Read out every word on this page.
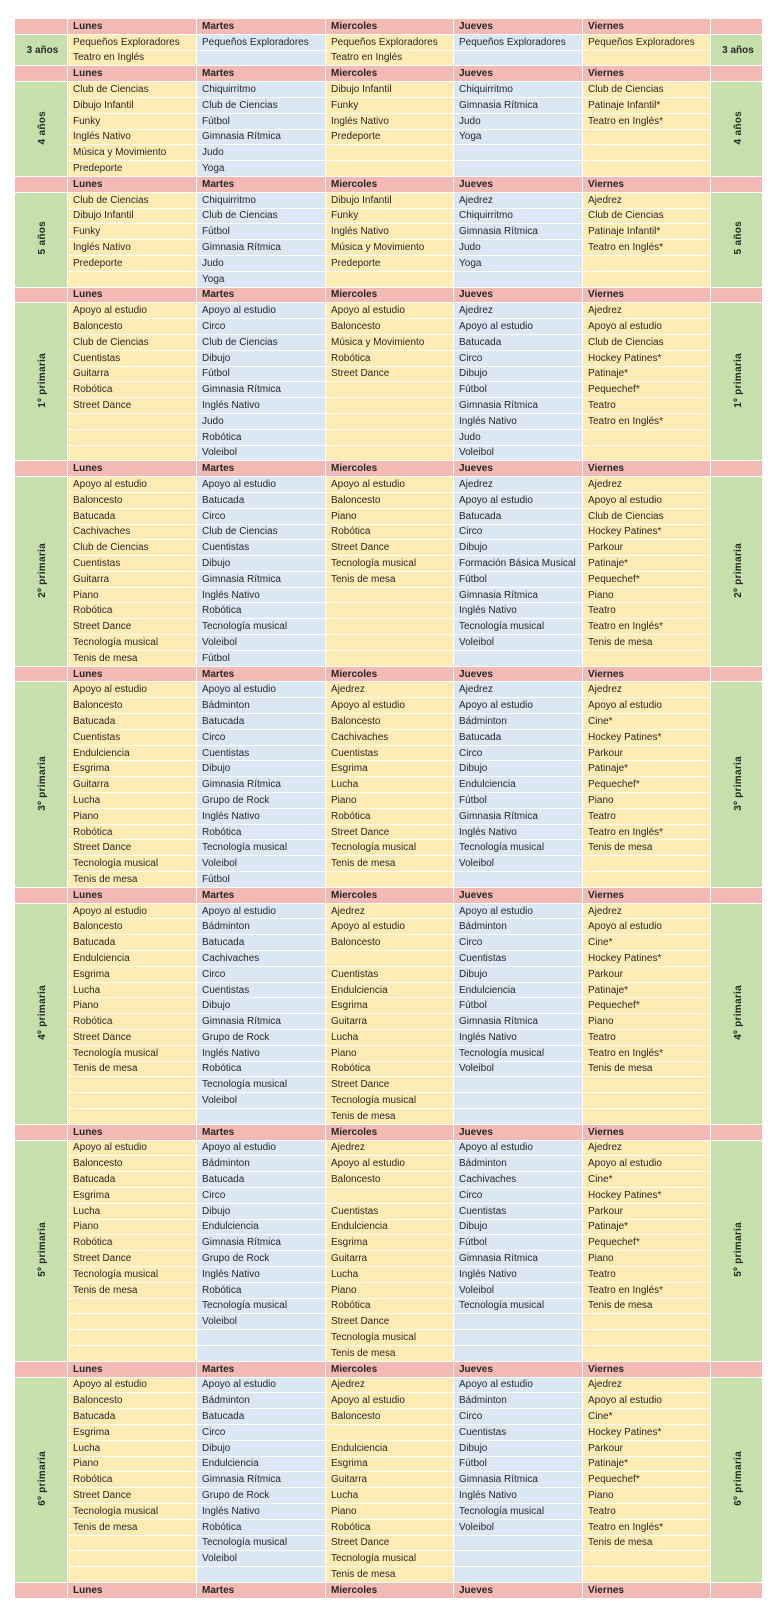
	Lunes	Martes	Miercoles	Jueves	Viernes	
3 años	Pequeños Exploradores	Pequeños Exploradores	Pequeños Exploradores	Pequeños Exploradores	Pequeños Exploradores	3 años
	Teatro en Inglés		Teatro en Inglés			
	Lunes	Martes	Miercoles	Jueves	Viernes	
4 años	Club de Ciencias	Chiquirritmo	Dibujo Infantil	Chiquirritmo	Club de Ciencias	4 años
	Dibujo Infantil	Club de Ciencias	Funky	Gimnasia Rítmica	Patinaje Infantil*	
	Funky	Fútbol	Inglés Nativo	Judo	Teatro en Inglés*	
	Inglés Nativo	Gimnasia Rítmica	Predeporte	Yoga		
	Música y Movimiento	Judo				
	Predeporte	Yoga				
	Lunes	Martes	Miercoles	Jueves	Viernes	
5 años	Club de Ciencias	Chiquirritmo	Dibujo Infantil	Ajedrez	Ajedrez	5 años
	Dibujo Infantil	Club de Ciencias	Funky	Chiquirritmo	Club de Ciencias	
	Funky	Fútbol	Inglés Nativo	Gimnasia Rítmica	Patinaje Infantil*	
	Inglés Nativo	Gimnasia Rítmica	Música y Movimiento	Judo	Teatro en Inglés*	
	Predeporte	Judo	Predeporte	Yoga		
		Yoga				
	Lunes	Martes	Miercoles	Jueves	Viernes	
1º primaria	Apoyo al estudio	Apoyo al estudio	Apoyo al estudio	Ajedrez	Ajedrez	1º primaria
	Baloncesto	Circo	Baloncesto	Apoyo al estudio	Apoyo al estudio	
	Club de Ciencias	Club de Ciencias	Música y Movimiento	Batucada	Club de Ciencias	
	Cuentistas	Dibujo	Robótica	Circo	Hockey Patines*	
	Guitarra	Fútbol	Street Dance	Dibujo	Patinaje*	
	Robótica	Gimnasia Rítmica		Fútbol	Pequechef*	
	Street Dance	Inglés Nativo		Gimnasia Rítmica	Teatro	
		Judo		Inglés Nativo	Teatro en Inglés*	
		Robótica		Judo		
		Voleibol		Voleibol		
	Lunes	Martes	Miercoles	Jueves	Viernes	
2º primaria	Apoyo al estudio	Apoyo al estudio	Apoyo al estudio	Ajedrez	Ajedrez	2º primaria
	Baloncesto	Batucada	Baloncesto	Apoyo al estudio	Apoyo al estudio	
	Batucada	Circo	Piano	Batucada	Club de Ciencias	
	Cachivaches	Club de Ciencias	Robótica	Circo	Hockey Patines*	
	Club de Ciencias	Cuentistas	Street Dance	Dibujo	Parkour	
	Cuentistas	Dibujo	Tecnología musical	Formación Básica Musical	Patinaje*	
	Guitarra	Gimnasia Rítmica	Tenis de mesa	Fútbol	Pequechef*	
	Piano	Inglés Nativo		Gimnasia Rítmica	Piano	
	Robótica	Robótica		Inglés Nativo	Teatro	
	Street Dance	Tecnología musical		Tecnología musical	Teatro en Inglés*	
	Tecnología musical	Voleibol		Voleibol	Tenis de mesa	
	Tenis de mesa	Fútbol				
	Lunes	Martes	Miercoles	Jueves	Viernes	
3º primaria	Apoyo al estudio	Apoyo al estudio	Ajedrez	Ajedrez	Ajedrez	3º primaria
	Baloncesto	Bádminton	Apoyo al estudio	Apoyo al estudio	Apoyo al estudio	
	Batucada	Batucada	Baloncesto	Bádminton	Cine*	
	Cuentistas	Circo	Cachivaches	Batucada	Hockey Patines*	
	Endulciencia	Cuentistas	Cuentistas	Circo	Parkour	
	Esgrima	Dibujo	Esgrima	Dibujo	Patinaje*	
	Guitarra	Gimnasia Rítmica	Lucha	Endulciencia	Pequechef*	
	Lucha	Grupo de Rock	Piano	Fútbol	Piano	
	Piano	Inglés Nativo	Robótica	Gimnasia Rítmica	Teatro	
	Robótica	Robótica	Street Dance	Inglés Nativo	Teatro en Inglés*	
	Street Dance	Tecnología musical	Tecnología musical	Tecnología musical	Tenis de mesa	
	Tecnología musical	Voleibol	Tenis de mesa	Voleibol		
	Tenis de mesa	Fútbol				
	Lunes	Martes	Miercoles	Jueves	Viernes	
4º primaria	Apoyo al estudio	Apoyo al estudio	Ajedrez	Apoyo al estudio	Ajedrez	4º primaria
	Baloncesto	Bádminton	Apoyo al estudio	Bádminton	Apoyo al estudio	
	Batucada	Batucada	Baloncesto	Circo	Cine*	
	Endulciencia	Cachivaches		Cuentistas	Hockey Patines*	
	Esgrima	Circo	Cuentistas	Dibujo	Parkour	
	Lucha	Cuentistas	Endulciencia	Endulciencia	Patinaje*	
	Piano	Dibujo	Esgrima	Fútbol	Pequechef*	
	Robótica	Gimnasia Rítmica	Guitarra	Gimnasia Rítmica	Piano	
	Street Dance	Grupo de Rock	Lucha	Inglés Nativo	Teatro	
	Tecnología musical	Inglés Nativo	Piano	Tecnología musical	Teatro en Inglés*	
	Tenis de mesa	Robótica	Robótica	Voleibol	Tenis de mesa	
		Tecnología musical	Street Dance			
		Voleibol	Tecnología musical			
			Tenis de mesa			
	Lunes	Martes	Miercoles	Jueves	Viernes	
5º primaria	Apoyo al estudio	Apoyo al estudio	Ajedrez	Apoyo al estudio	Ajedrez	5º primaria
	Baloncesto	Bádminton	Apoyo al estudio	Bádminton	Apoyo al estudio	
	Batucada	Batucada	Baloncesto	Cachivaches	Cine*	
	Esgrima	Circo		Circo	Hockey Patines*	
	Lucha	Dibujo	Cuentistas	Cuentistas	Parkour	
	Piano	Endulciencia	Endulciencia	Dibujo	Patinaje*	
	Robótica	Gimnasia Rítmica	Esgrima	Fútbol	Pequechef*	
	Street Dance	Grupo de Rock	Guitarra	Gimnasia Rítmica	Piano	
	Tecnología musical	Inglés Nativo	Lucha	Inglés Nativo	Teatro	
	Tenis de mesa	Robótica	Piano	Voleibol	Teatro en Inglés*	
		Tecnología musical	Robótica	Tecnología musical	Tenis de mesa	
		Voleibol	Street Dance			
			Tecnología musical			
			Tenis de mesa			
	Lunes	Martes	Miercoles	Jueves	Viernes	
6º primaria	Apoyo al estudio	Apoyo al estudio	Ajedrez	Apoyo al estudio	Ajedrez	6º primaria
	Baloncesto	Bádminton	Apoyo al estudio	Bádminton	Apoyo al estudio	
	Batucada	Batucada	Baloncesto	Circo	Cine*	
	Esgrima	Circo		Cuentistas	Hockey Patines*	
	Lucha	Dibujo	Endulciencia	Dibujo	Parkour	
	Piano	Endulciencia	Esgrima	Fútbol	Patinaje*	
	Robótica	Gimnasia Rítmica	Guitarra	Gimnasia Rítmica	Pequechef*	
	Street Dance	Grupo de Rock	Lucha	Inglés Nativo	Piano	
	Tecnología musical	Inglés Nativo	Piano	Tecnología musical	Teatro	
	Tenis de mesa	Robótica	Robótica	Voleibol	Teatro en Inglés*	
		Tecnología musical	Street Dance		Tenis de mesa	
		Voleibol	Tecnología musical			
			Tenis de mesa			
	Lunes	Martes	Miercoles	Jueves	Viernes	
